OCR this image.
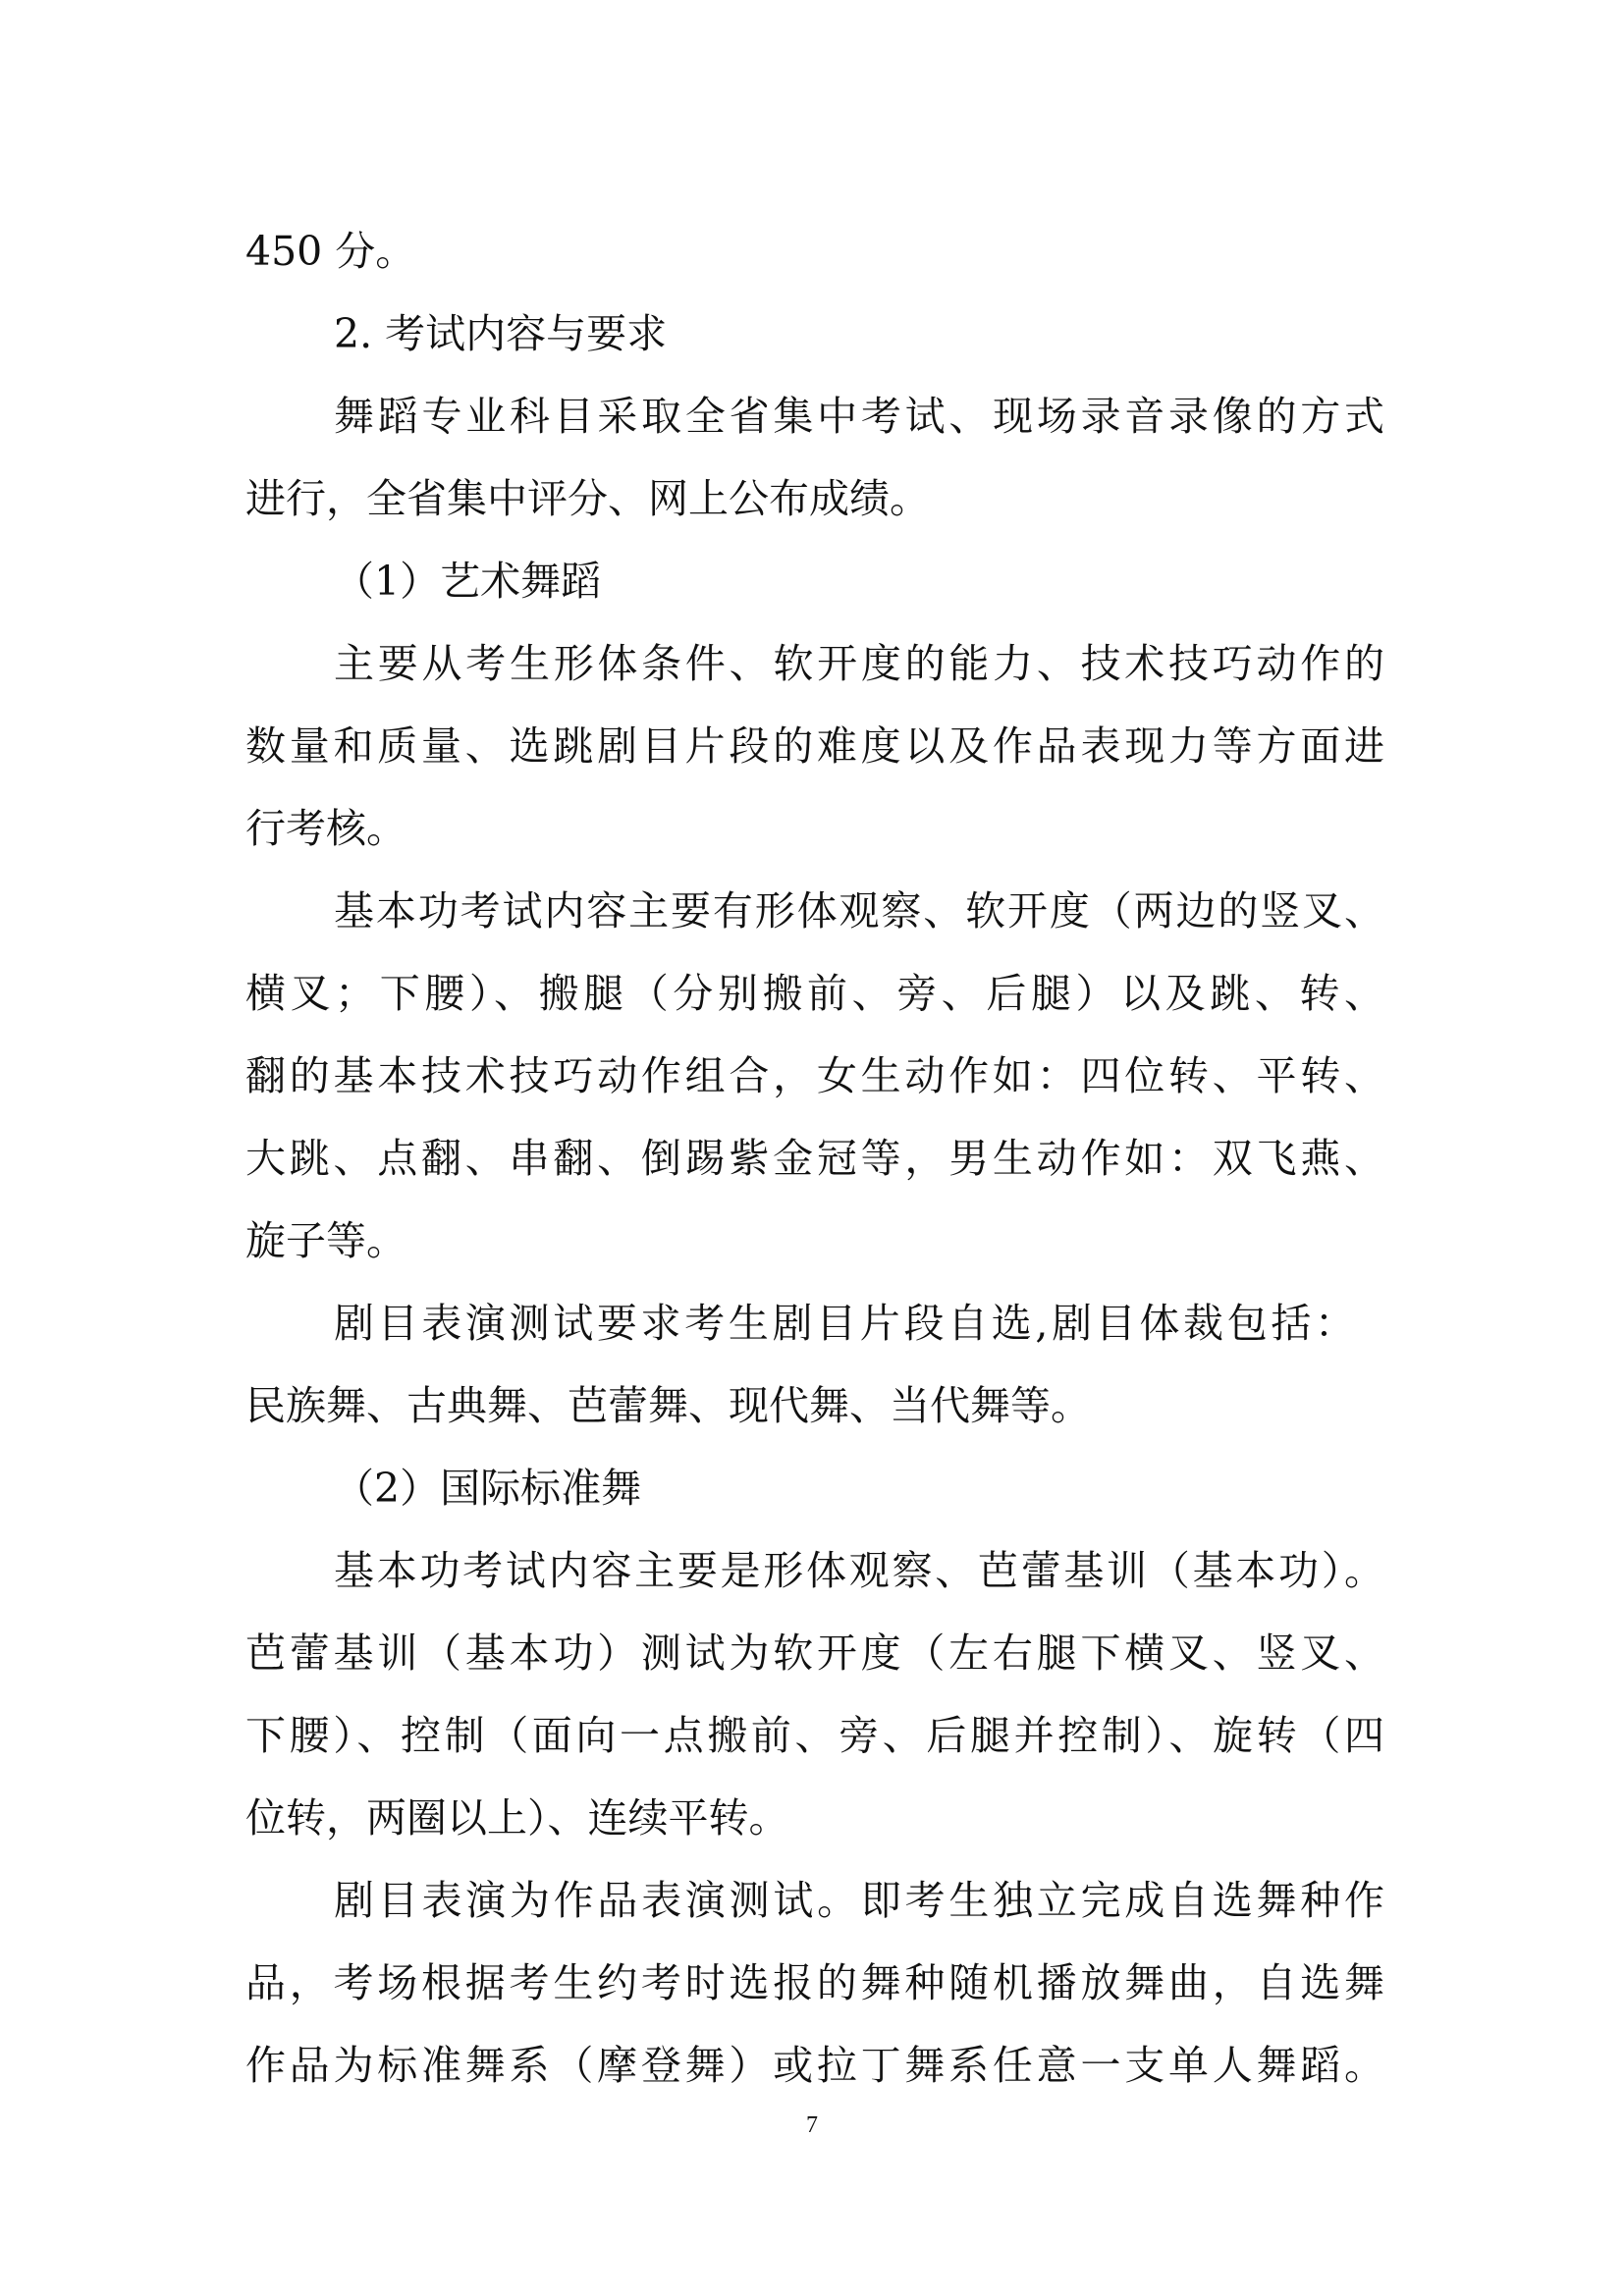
450 分。

2. 考试内容与要求

舞蹈专业科目采取全省集中考试、现场录音录像的方式

进行，全省集中评分、网上公布成绩。

（1）艺术舞蹈

主要从考生形体条件、软开度的能力、技术技巧动作的

数量和质量、选跳剧目片段的难度以及作品表现力等方面进

行考核。

基本功考试内容主要有形体观察、软开度（两边的竖叉、

横叉；下腰）、搬腿（分别搬前、旁、后腿）以及跳、转、

翻的基本技术技巧动作组合，女生动作如：四位转、平转、

大跳、点翻、串翻、倒踢紫金冠等，男生动作如：双飞燕、

旋子等。

剧目表演测试要求考生剧目片段自选,剧目体裁包括：

民族舞、古典舞、芭蕾舞、现代舞、当代舞等。

（2）国际标准舞

基本功考试内容主要是形体观察、芭蕾基训（基本功）。

芭蕾基训（基本功）测试为软开度（左右腿下横叉、竖叉、

下腰）、控制（面向一点搬前、旁、后腿并控制）、旋转（四

位转，两圈以上）、连续平转。

剧目表演为作品表演测试。即考生独立完成自选舞种作

品，考场根据考生约考时选报的舞种随机播放舞曲，自选舞

作品为标准舞系（摩登舞）或拉丁舞系任意一支单人舞蹈。

7
